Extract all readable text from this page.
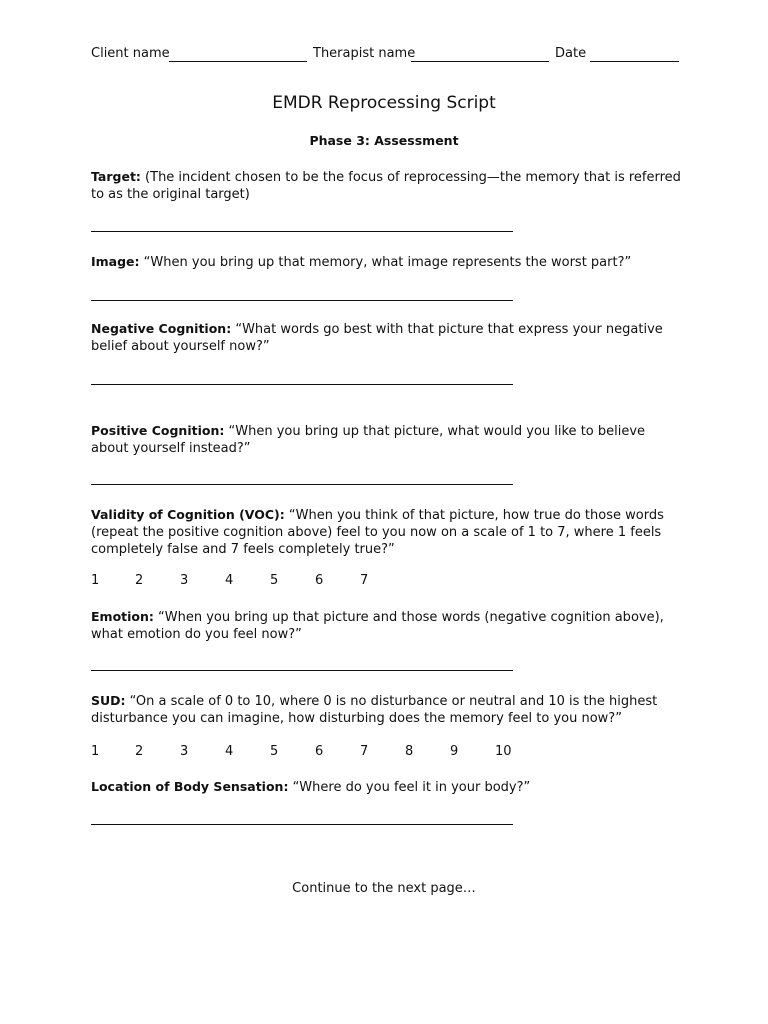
Client name	Therapist name	Date
EMDR Reprocessing Script
Phase 3: Assessment
Target: (The incident chosen to be the focus of reprocessing—the memory that is referred to as the original target)
Image: “When you bring up that memory, what image represents the worst part?”
Negative Cognition: “What words go best with that picture that express your negative belief about yourself now?”
Positive Cognition: “When you bring up that picture, what would you like to believe about yourself instead?”
Validity of Cognition (VOC): “When you think of that picture, how true do those words (repeat the positive cognition above) feel to you now on a scale of 1 to 7, where 1 feels completely false and 7 feels completely true?”
1	2	3	4	5	6	7
Emotion: “When you bring up that picture and those words (negative cognition above), what emotion do you feel now?”
SUD: “On a scale of 0 to 10, where 0 is no disturbance or neutral and 10 is the highest disturbance you can imagine, how disturbing does the memory feel to you now?”
1	2	3	4	5	6	7	8	9	10
Location of Body Sensation: “Where do you feel it in your body?”
Continue to the next page…
